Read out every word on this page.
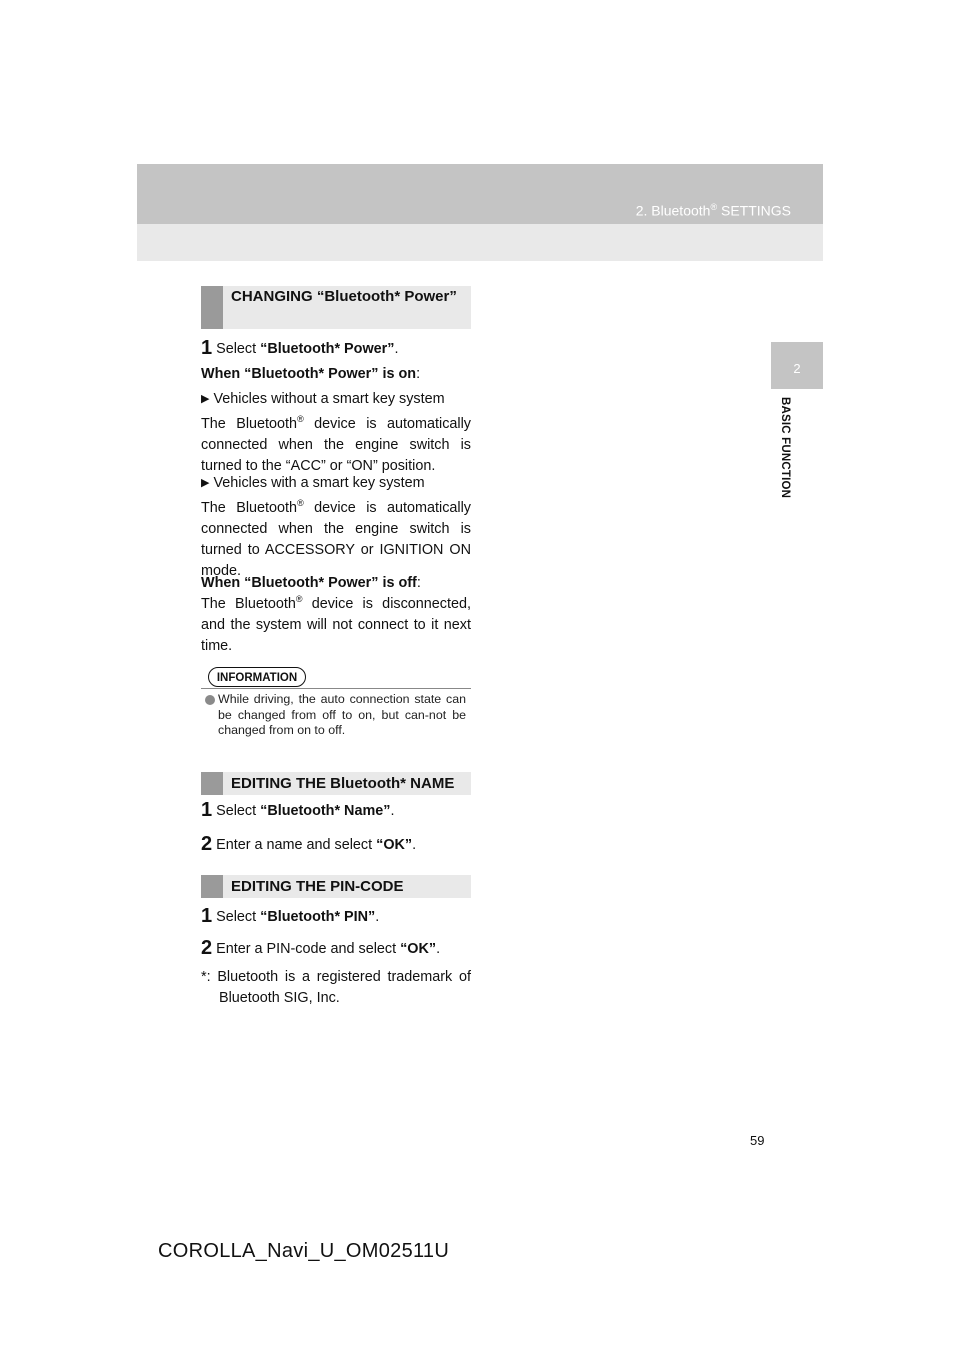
2. Bluetooth® SETTINGS
2
BASIC FUNCTION
CHANGING “Bluetooth* Power”
1 Select “Bluetooth* Power”.
When “Bluetooth* Power” is on:
▶ Vehicles without a smart key system
The Bluetooth® device is automatically connected when the engine switch is turned to the “ACC” or “ON” position.
▶ Vehicles with a smart key system
The Bluetooth® device is automatically connected when the engine switch is turned to ACCESSORY or IGNITION ON mode.
When “Bluetooth* Power” is off:
The Bluetooth® device is disconnected, and the system will not connect to it next time.
INFORMATION
While driving, the auto connection state can be changed from off to on, but can-not be changed from on to off.
EDITING THE Bluetooth* NAME
1 Select “Bluetooth* Name”.
2 Enter a name and select “OK”.
EDITING THE PIN-CODE
1 Select “Bluetooth* PIN”.
2 Enter a PIN-code and select “OK”.
*: Bluetooth is a registered trademark of Bluetooth SIG, Inc.
59
COROLLA_Navi_U_OM02511U
